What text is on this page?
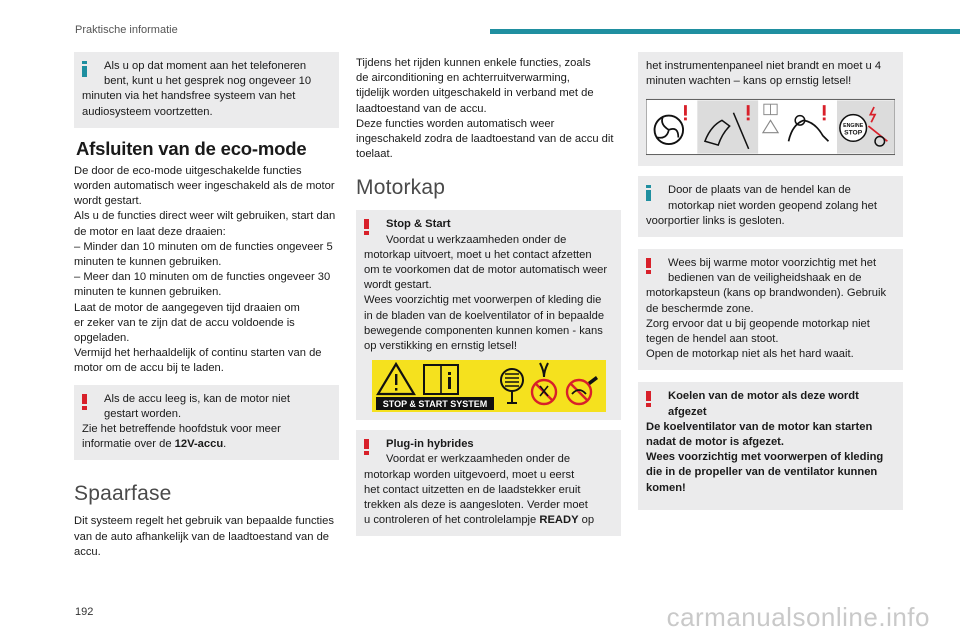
Praktische informatie

Als u op dat moment aan het telefoneren

bent, kunt u het gesprek nog ongeveer 10
minuten via het handsfree systeem van het
audiosysteem voortzetten.

Afsluiten van de eco-mode

De door de eco-mode uitgeschakelde functies
worden automatisch weer ingeschakeld als de motor
wordt gestart.
Als u de functies direct weer wilt gebruiken, start dan
de motor en laat deze draaien:
– Minder dan 10 minuten om de functies ongeveer 5
minuten te kunnen gebruiken.
– Meer dan 10 minuten om de functies ongeveer 30
minuten te kunnen gebruiken.
Laat de motor de aangegeven tijd draaien om
er zeker van te zijn dat de accu voldoende is
opgeladen.
Vermijd het herhaaldelijk of continu starten van de
motor om de accu bij te laden.

Als de accu leeg is, kan de motor niet

gestart worden.
Zie het betreffende hoofdstuk voor meer
informatie over de 12V-accu.

Spaarfase

Dit systeem regelt het gebruik van bepaalde functies
van de auto afhankelijk van de laadtoestand van de
accu.

Tijdens het rijden kunnen enkele functies, zoals
de airconditioning en achterruitverwarming,
tijdelijk worden uitgeschakeld in verband met de
laadtoestand van de accu.
Deze functies worden automatisch weer
ingeschakeld zodra de laadtoestand van de accu dit
toelaat.

Motorkap

Stop & Start

Voordat u werkzaamheden onder de
motorkap uitvoert, moet u het contact afzetten
om te voorkomen dat de motor automatisch weer
wordt gestart.
Wees voorzichtig met voorwerpen of kleding die
in de bladen van de koelventilator of in bepaalde
bewegende componenten kunnen komen - kans
op verstikking en ernstig letsel!

STOP & START SYSTEM

Plug-in hybrides

Voordat er werkzaamheden onder de
motorkap worden uitgevoerd, moet u eerst
het contact uitzetten en de laadstekker eruit
trekken als deze is aangesloten. Verder moet
u controleren of het controlelampje READY op

het instrumentenpaneel niet brandt en moet u 4
minuten wachten – kans op ernstig letsel!

ENGINE
STOP

Door de plaats van de hendel kan de

motorkap niet worden geopend zolang het
voorportier links is gesloten.

Wees bij warme motor voorzichtig met het

bedienen van de veiligheidshaak en de
motorkapsteun (kans op brandwonden). Gebruik
de beschermde zone.
Zorg ervoor dat u bij geopende motorkap niet
tegen de hendel aan stoot.
Open de motorkap niet als het hard waait.

Koelen van de motor als deze wordt

afgezet
De koelventilator van de motor kan starten
nadat de motor is afgezet.
Wees voorzichtig met voorwerpen of kleding
die in de propeller van de ventilator kunnen
komen!

192	carmanualsonline.info
